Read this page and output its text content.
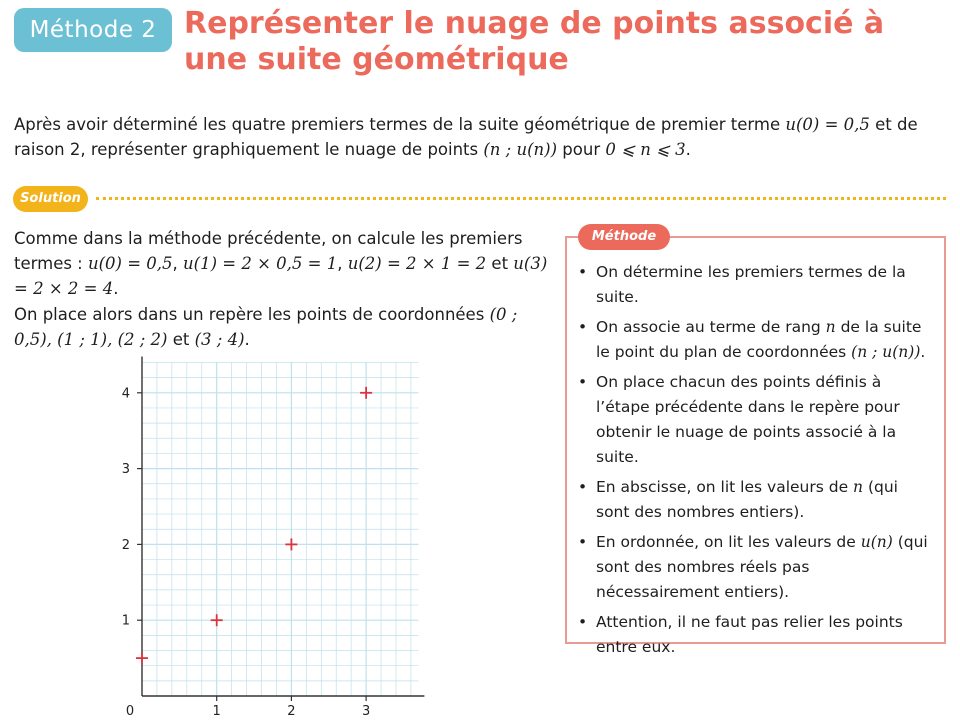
Méthode 2 Représenter le nuage de points associé à une suite géométrique
Après avoir déterminé les quatre premiers termes de la suite géométrique de premier terme u(0) = 0,5 et de raison 2, représenter graphiquement le nuage de points (n ; u(n)) pour 0 ⩽ n ⩽ 3.
Solution
Comme dans la méthode précédente, on calcule les premiers termes : u(0) = 0,5, u(1) = 2 × 0,5 = 1, u(2) = 2 × 1 = 2 et u(3) = 2 × 2 = 4.
On place alors dans un repère les points de coordonnées (0 ; 0,5), (1 ; 1), (2 ; 2) et (3 ; 4).
0	1	2	3
1
2
3
4
Méthode
• On détermine les premiers termes de la suite.
• On associe au terme de rang n de la suite le point du plan de coordonnées (n ; u(n)).
• On place chacun des points définis à l’étape précédente dans le repère pour obtenir le nuage de points associé à la suite.
• En abscisse, on lit les valeurs de n (qui sont des nombres entiers).
• En ordonnée, on lit les valeurs de u(n) (qui sont des nombres réels pas nécessairement entiers).
• Attention, il ne faut pas relier les points entre eux.
